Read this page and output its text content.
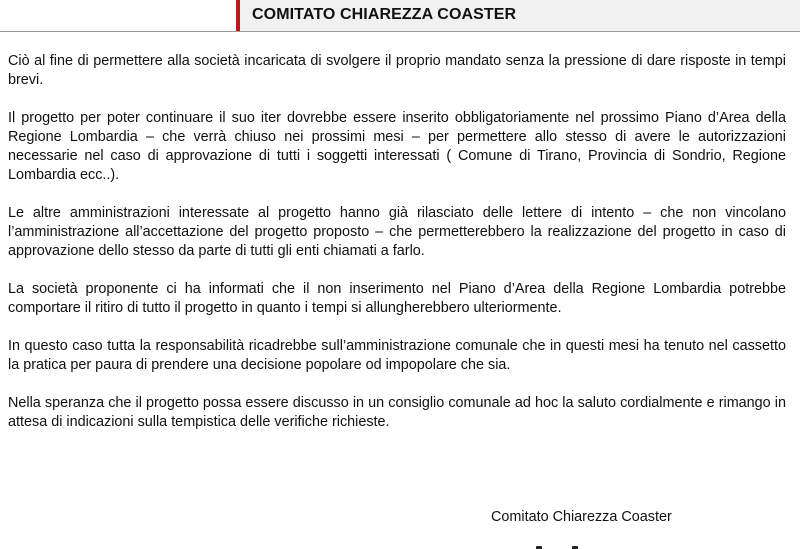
COMITATO CHIAREZZA COASTER

Ciò al fine di permettere alla società incaricata di svolgere il proprio mandato senza la pressione di dare risposte in tempi brevi.

Il progetto per poter continuare il suo iter dovrebbe essere inserito obbligatoriamente nel prossimo Piano d’Area della Regione Lombardia – che verrà chiuso nei prossimi mesi – per permettere allo stesso di avere le autorizzazioni necessarie nel caso di approvazione di tutti i soggetti interessati ( Comune di Tirano, Provincia di Sondrio, Regione Lombardia ecc..).

Le altre amministrazioni interessate al progetto hanno già rilasciato delle lettere di intento – che non vincolano l’amministrazione all’accettazione del progetto proposto – che permetterebbero la realizzazione del progetto in caso di approvazione dello stesso da parte di tutti gli enti chiamati a farlo.

La società proponente ci ha informati che il non inserimento nel Piano d’Area della Regione Lombardia potrebbe comportare il ritiro di tutto il progetto in quanto i tempi si allungherebbero ulteriormente.

In questo caso tutta la responsabilità ricadrebbe sull’amministrazione comunale che in questi mesi ha tenuto nel cassetto la pratica per paura di prendere una decisione popolare od impopolare che sia.

Nella speranza che il progetto possa essere discusso in un consiglio comunale ad hoc la saluto cordialmente e rimango in attesa di indicazioni sulla tempistica delle verifiche richieste.

Comitato Chiarezza Coaster
